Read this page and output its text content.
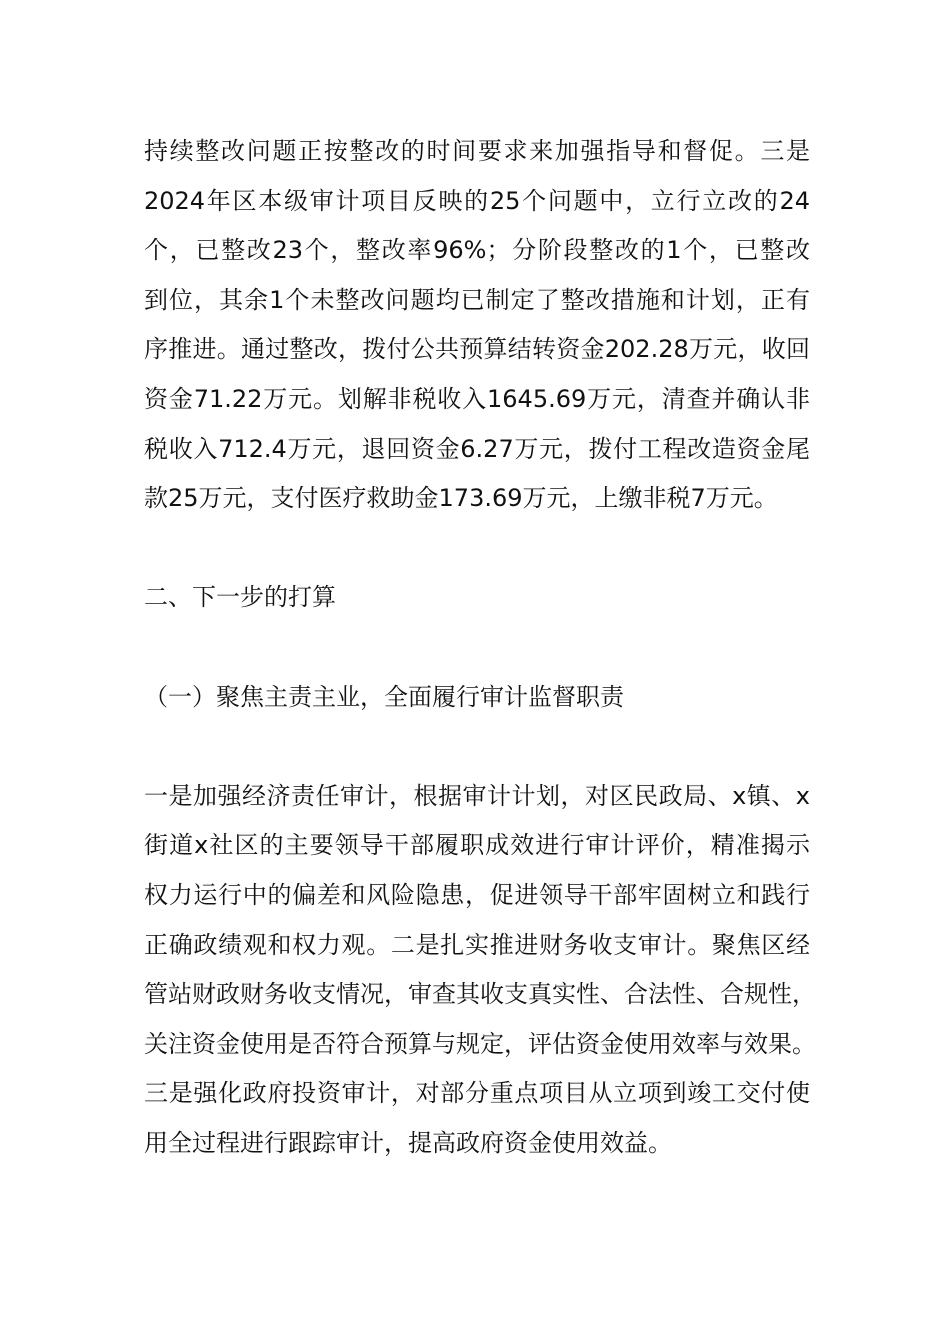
持续整改问题正按整改的时间要求来加强指导和督促。三是
2024年区本级审计项目反映的25个问题中，立行立改的24
个，已整改23个，整改率96%；分阶段整改的1个，已整改
到位，其余1个未整改问题均已制定了整改措施和计划，正有
序推进。通过整改，拨付公共预算结转资金202.28万元，收回
资金71.22万元。划解非税收入1645.69万元，清查并确认非
税收入712.4万元，退回资金6.27万元，拨付工程改造资金尾
款25万元，支付医疗救助金173.69万元，上缴非税7万元。
二、下一步的打算
（一）聚焦主责主业，全面履行审计监督职责
一是加强经济责任审计，根据审计计划，对区民政局、x镇、x
街道x社区的主要领导干部履职成效进行审计评价，精准揭示
权力运行中的偏差和风险隐患，促进领导干部牢固树立和践行
正确政绩观和权力观。二是扎实推进财务收支审计。聚焦区经
管站财政财务收支情况，审查其收支真实性、合法性、合规性，
关注资金使用是否符合预算与规定，评估资金使用效率与效果。
三是强化政府投资审计，对部分重点项目从立项到竣工交付使
用全过程进行跟踪审计，提高政府资金使用效益。
